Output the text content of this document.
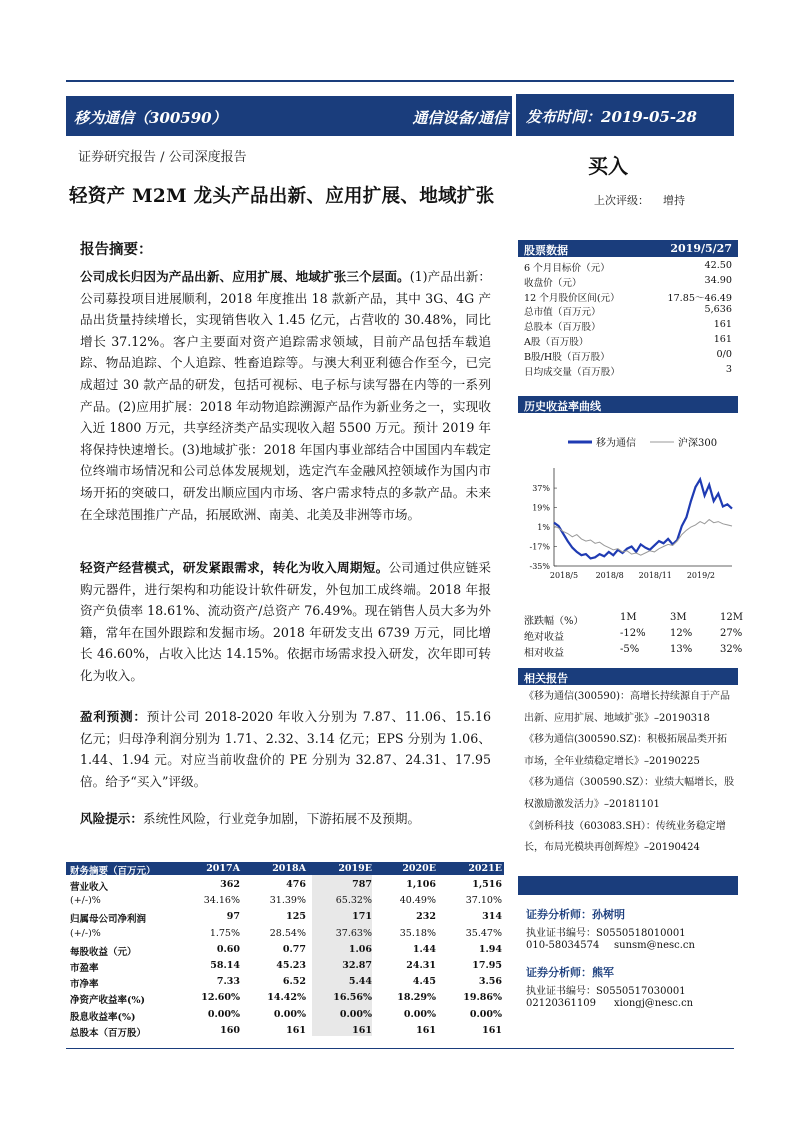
移为通信（300590）	通信设备/通信 发布时间：2019-05-28
证券研究报告 / 公司深度报告	买入
轻资产 M2M 龙头产品出新、应用扩展、地域扩张	上次评级： 增持
报告摘要：
公司成长归因为产品出新、应用扩展、地域扩张三个层面。(1)产品出新：公司募投项目进展顺利，2018 年度推出 18 款新产品，其中 3G、4G 产品出货量持续增长，实现销售收入 1.45 亿元，占营收的 30.48%，同比增长 37.12%。客户主要面对资产追踪需求领域，目前产品包括车载追踪、物品追踪、个人追踪、牲畜追踪等。与澳大利亚利德合作至今，已完成超过 30 款产品的研发，包括可视标、电子标与读写器在内等的一系列产品。(2)应用扩展：2018 年动物追踪溯源产品作为新业务之一，实现收入近 1800 万元，共享经济类产品实现收入超 5500 万元。预计 2019 年将保持快速增长。(3)地域扩张：2018 年国内事业部结合中国国内车载定位终端市场情况和公司总体发展规划，选定汽车金融风控领域作为国内市场开拓的突破口，研发出顺应国内市场、客户需求特点的多款产品。未来在全球范围推广产品，拓展欧洲、南美、北美及非洲等市场。
轻资产经营模式，研发紧跟需求，转化为收入周期短。公司通过供应链采购元器件，进行架构和功能设计软件研发，外包加工成终端。2018 年报资产负债率 18.61%、流动资产/总资产 76.49%。现在销售人员大多为外籍，常年在国外跟踪和发掘市场。2018 年研发支出 6739 万元，同比增长 46.60%，占收入比达 14.15%。依据市场需求投入研发，次年即可转化为收入。
盈利预测：预计公司 2018-2020 年收入分别为 7.87、11.06、15.16 亿元；归母净利润分别为 1.71、2.32、3.14 亿元；EPS 分别为 1.06、1.44、1.94 元。对应当前收盘价的 PE 分别为 32.87、24.31、17.95 倍。给予“买入”评级。
风险提示：系统性风险，行业竞争加剧，下游拓展不及预期。
股票数据	2019/5/27
6 个月目标价（元）	42.50
收盘价（元）	34.90
12 个月股价区间(元）	17.85～46.49
总市值（百万元）	5,636
总股本（百万股）	161
A股（百万股）	161
B股/H股（百万股）	0/0
日均成交量（百万股）	3
历史收益率曲线
移为通信	沪深300
37%
19%
1%
-17%
-35%
2018/5 2018/8 2018/11 2019/2
涨跌幅（%）	1M	3M	12M
绝对收益	-12% 12%	27%
相对收益	-5%	13%	32%
相关报告
《移为通信(300590)：高增长持续源自于产品出新、应用扩展、地域扩张》–20190318
《移为通信(300590.SZ)：积极拓展品类开拓市场，全年业绩稳定增长》–20190225
《移为通信（300590.SZ）：业绩大幅增长，股权激励激发活力》–20181101
《剑桥科技（603083.SH）：传统业务稳定增长，布局光模块再创辉煌》–20190424
证券分析师：孙树明
执业证书编号：S0550518010001
010-58034574 sunsm@nesc.cn
证券分析师：熊军
执业证书编号：S0550517030001
02120361109 xiongj@nesc.cn
财务摘要（百万元）	2017A	2018A	2019E	2020E	2021E
营业收入	362	476	787	1,106	1,516
(+/-)%	34.16%	31.39%	65.32%	40.49%	37.10%
归属母公司净利润	97	125	171	232	314
(+/-)%	1.75%	28.54%	37.63%	35.18%	35.47%
每股收益（元）	0.60	0.77	1.06	1.44	1.94
市盈率	58.14	45.23	32.87	24.31	17.95
市净率	7.33	6.52	5.44	4.45	3.56
净资产收益率(%)	12.60%	14.42%	16.56%	18.29%	19.86%
股息收益率(%)	0.00%	0.00%	0.00%	0.00%	0.00%
总股本（百万股）	160	161	161	161	161
